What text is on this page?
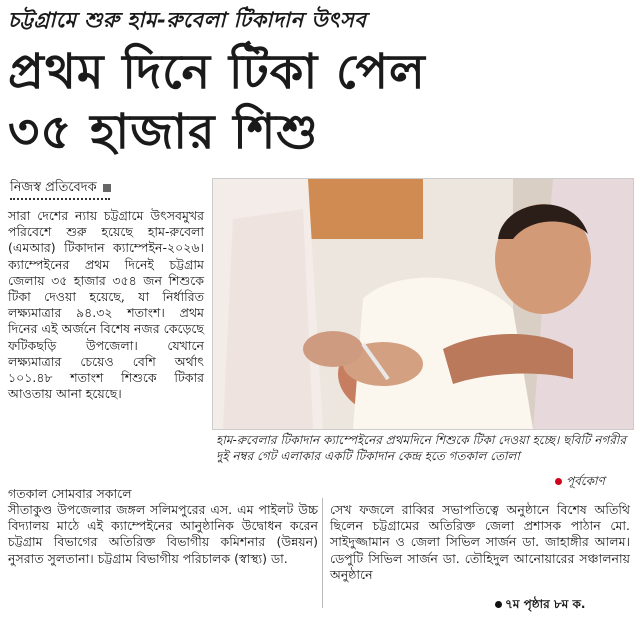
চট্টগ্রামে শুরু হাম-রুবেলা টিকাদান উৎসব
প্রথম দিনে টিকা পেল
৩৫ হাজার শিশু
নিজস্ব প্রতিবেদক
সারা দেশের ন্যায় চট্টগ্রামে উৎসবমুখর পরিবেশে শুরু হয়েছে হাম-রুবেলা (এমআর) টিকাদান ক্যাম্পেইন-২০২৬। ক্যাম্পেইনের প্রথম দিনেই চট্টগ্রাম জেলায় ৩৫ হাজার ৩৫৪ জন শিশুকে টিকা দেওয়া হয়েছে, যা নির্ধারিত লক্ষ্যমাত্রার ৯৪.৩২ শতাংশ। প্রথম দিনের এই অর্জনে বিশেষ নজর কেড়েছে ফটিকছড়ি উপজেলা। যেখানে লক্ষ্যমাত্রার চেয়েও বেশি অর্থাৎ ১০১.৪৮ শতাংশ শিশুকে টিকার আওতায় আনা হয়েছে।
গতকাল সোমবার সকালে
সীতাকুণ্ড উপজেলার জঙ্গল সলিমপুরের এস. এম পাইলট উচ্চ বিদ্যালয় মাঠে এই ক্যাম্পেইনের আনুষ্ঠানিক উদ্বোধন করেন চট্টগ্রাম বিভাগের অতিরিক্ত বিভাগীয় কমিশনার (উন্নয়ন) নুসরাত সুলতানা। চট্টগ্রাম বিভাগীয় পরিচালক (স্বাস্থ্য) ডা.
সেখ ফজলে রাব্বির সভাপতিত্বে অনুষ্ঠানে বিশেষ অতিথি ছিলেন চট্টগ্রামের অতিরিক্ত জেলা প্রশাসক পাঠান মো. সাইদুজ্জামান ও জেলা সিভিল সার্জন ডা. জাহাঙ্গীর আলম। ডেপুটি সিভিল সার্জন ডা. তৌহিদুল আনোয়ারের সঞ্চালনায় অনুষ্ঠানে
হাম-রুবেলার টিকাদান ক্যাম্পেইনের প্রথমদিনে শিশুকে টিকা দেওয়া হচ্ছে। ছবিটি নগরীর দুই নম্বর গেট এলাকার একটি টিকাদান কেন্দ্র হতে গতকাল তোলা
পূর্বকোণ
৭ম পৃষ্ঠার ৮ম ক.
